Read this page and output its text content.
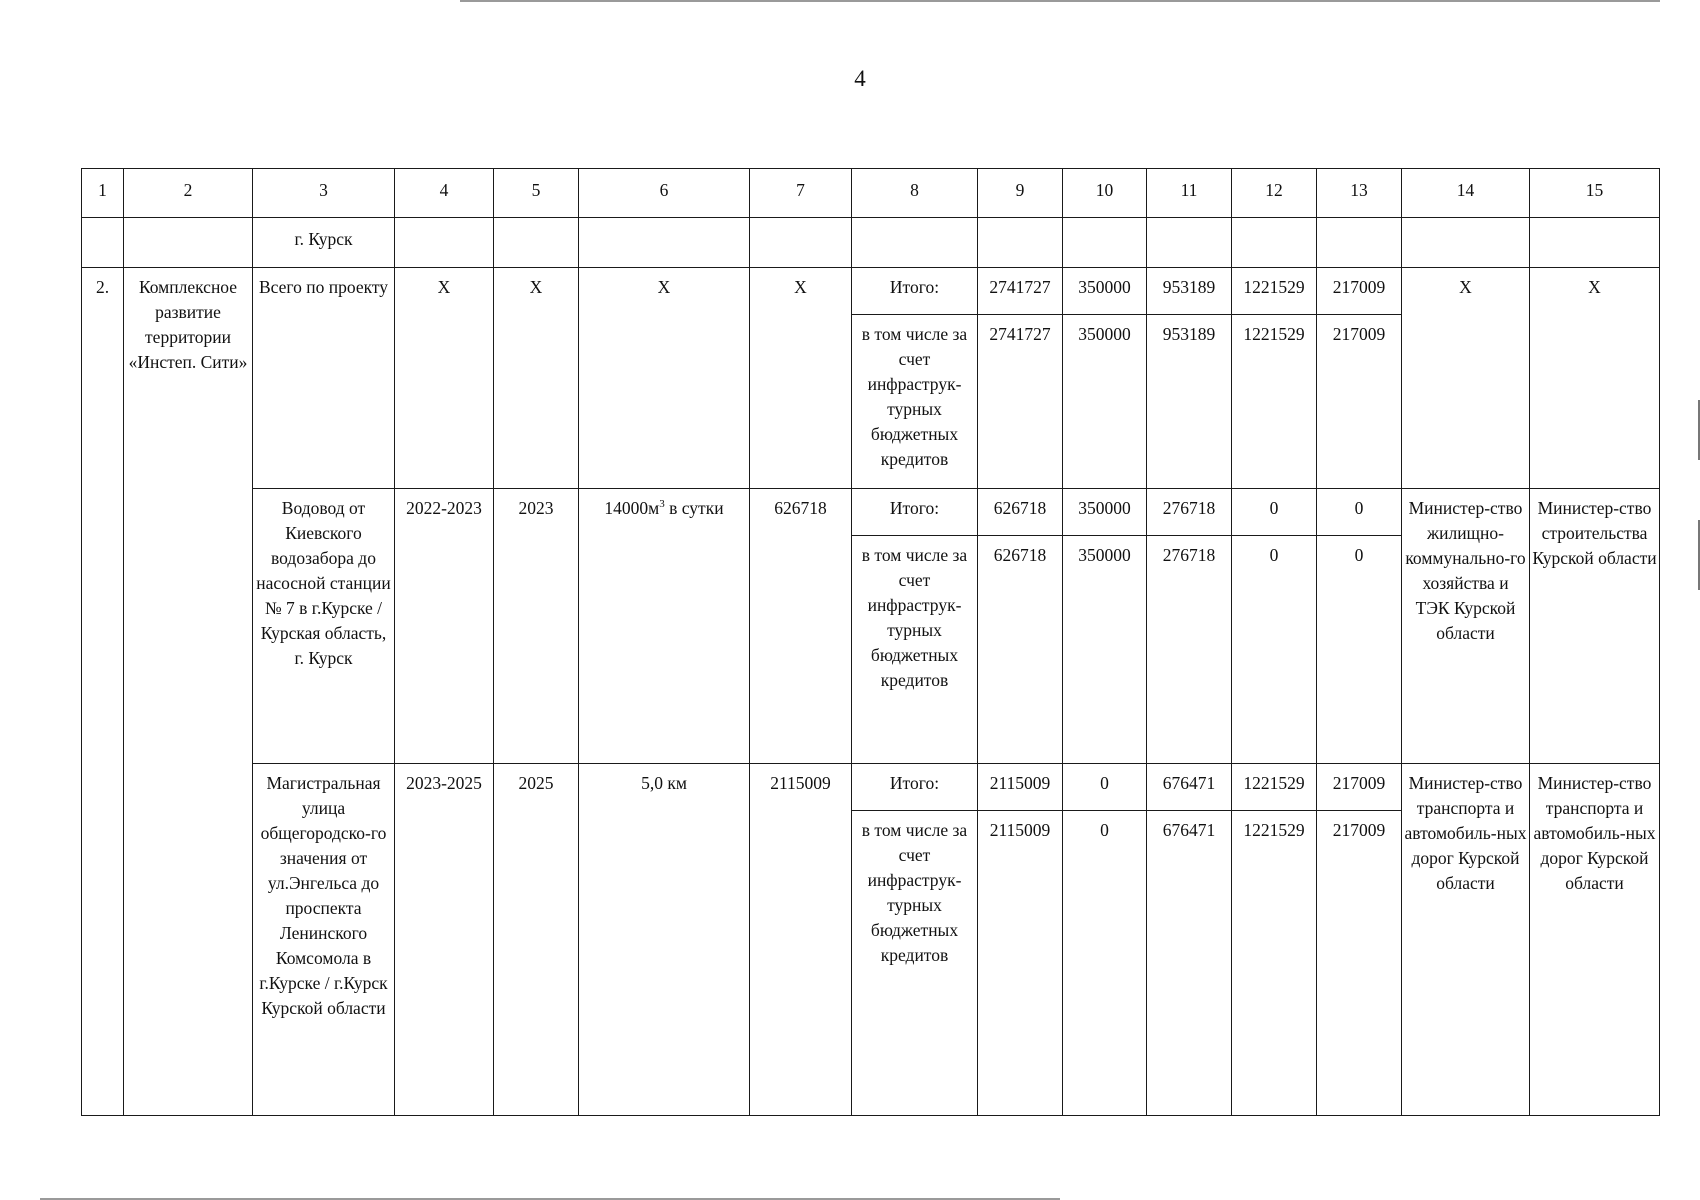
4
1	2	3	4	5	6	7	8	9	10	11	12	13	14	15
		г. Курск												
2.	Комплексное развитие территории «Инстеп. Сити»	Всего по проекту	X	X	X	X	Итого:	2741727	350000	953189	1221529	217009	X	X
							в том числе за счет инфраструк-турных бюджетных кредитов	2741727	350000	953189	1221529	217009		
		Водовод от Киевского водозабора до насосной станции № 7 в г.Курске / Курская область, г. Курск	2022-2023	2023	$14000м^3$ в сутки	626718	Итого:	626718	350000	276718	0	0	Министер-ство жилищно-коммунально-го хозяйства и ТЭК Курской области	Министер-ство строительства Курской области
							в том числе за счет инфраструк-турных бюджетных кредитов	626718	350000	276718	0	0		
		Магистральная улица общегородско-го значения от ул.Энгельса до проспекта Ленинского Комсомола в г.Курске / г.Курск Курской области	2023-2025	2025	5,0 км	2115009	Итого:	2115009	0	676471	1221529	217009	Министер-ство транспорта и автомобиль-ных дорог Курской области	Министер-ство транспорта и автомобиль-ных дорог Курской области
							в том числе за счет инфраструк-турных бюджетных кредитов	2115009	0	676471	1221529	217009		
